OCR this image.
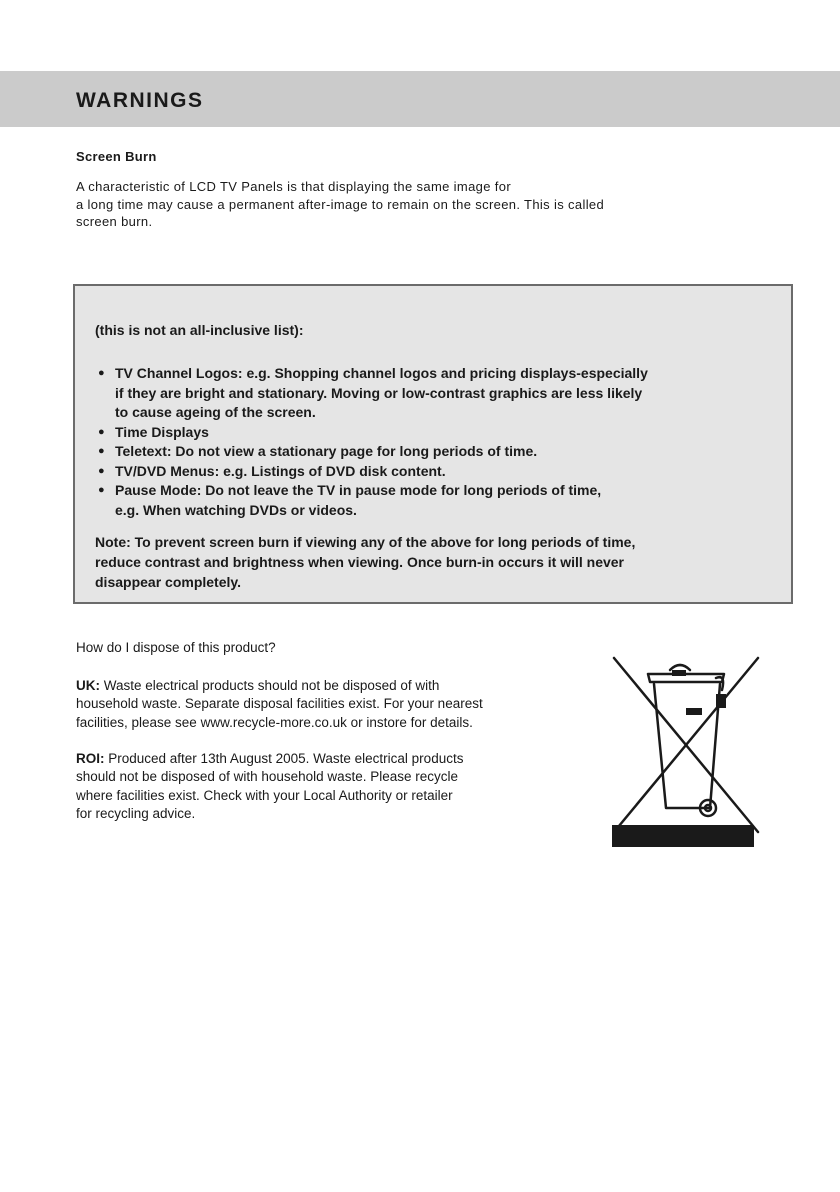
WARNINGS
Screen Burn

A characteristic of LCD TV Panels is that displaying the same image for
a long time may cause a permanent after-image to remain on the screen. This is called
screen burn.

(this is not an all-inclusive list):

● TV Channel Logos: e.g. Shopping channel logos and pricing displays-especially
if they are bright and stationary. Moving or low-contrast graphics are less likely
to cause ageing of the screen.
● Time Displays
● Teletext: Do not view a stationary page for long periods of time.
● TV/DVD Menus: e.g. Listings of DVD disk content.
● Pause Mode: Do not leave the TV in pause mode for long periods of time,
e.g. When watching DVDs or videos.

Note: To prevent screen burn if viewing any of the above for long periods of time,
reduce contrast and brightness when viewing. Once burn-in occurs it will never
disappear completely.

How do I dispose of this product?

UK: Waste electrical products should not be disposed of with
household waste. Separate disposal facilities exist. For your nearest
facilities, please see www.recycle-more.co.uk or instore for details.

ROI: Produced after 13th August 2005. Waste electrical products
should not be disposed of with household waste. Please recycle
where facilities exist. Check with your Local Authority or retailer
for recycling advice.
